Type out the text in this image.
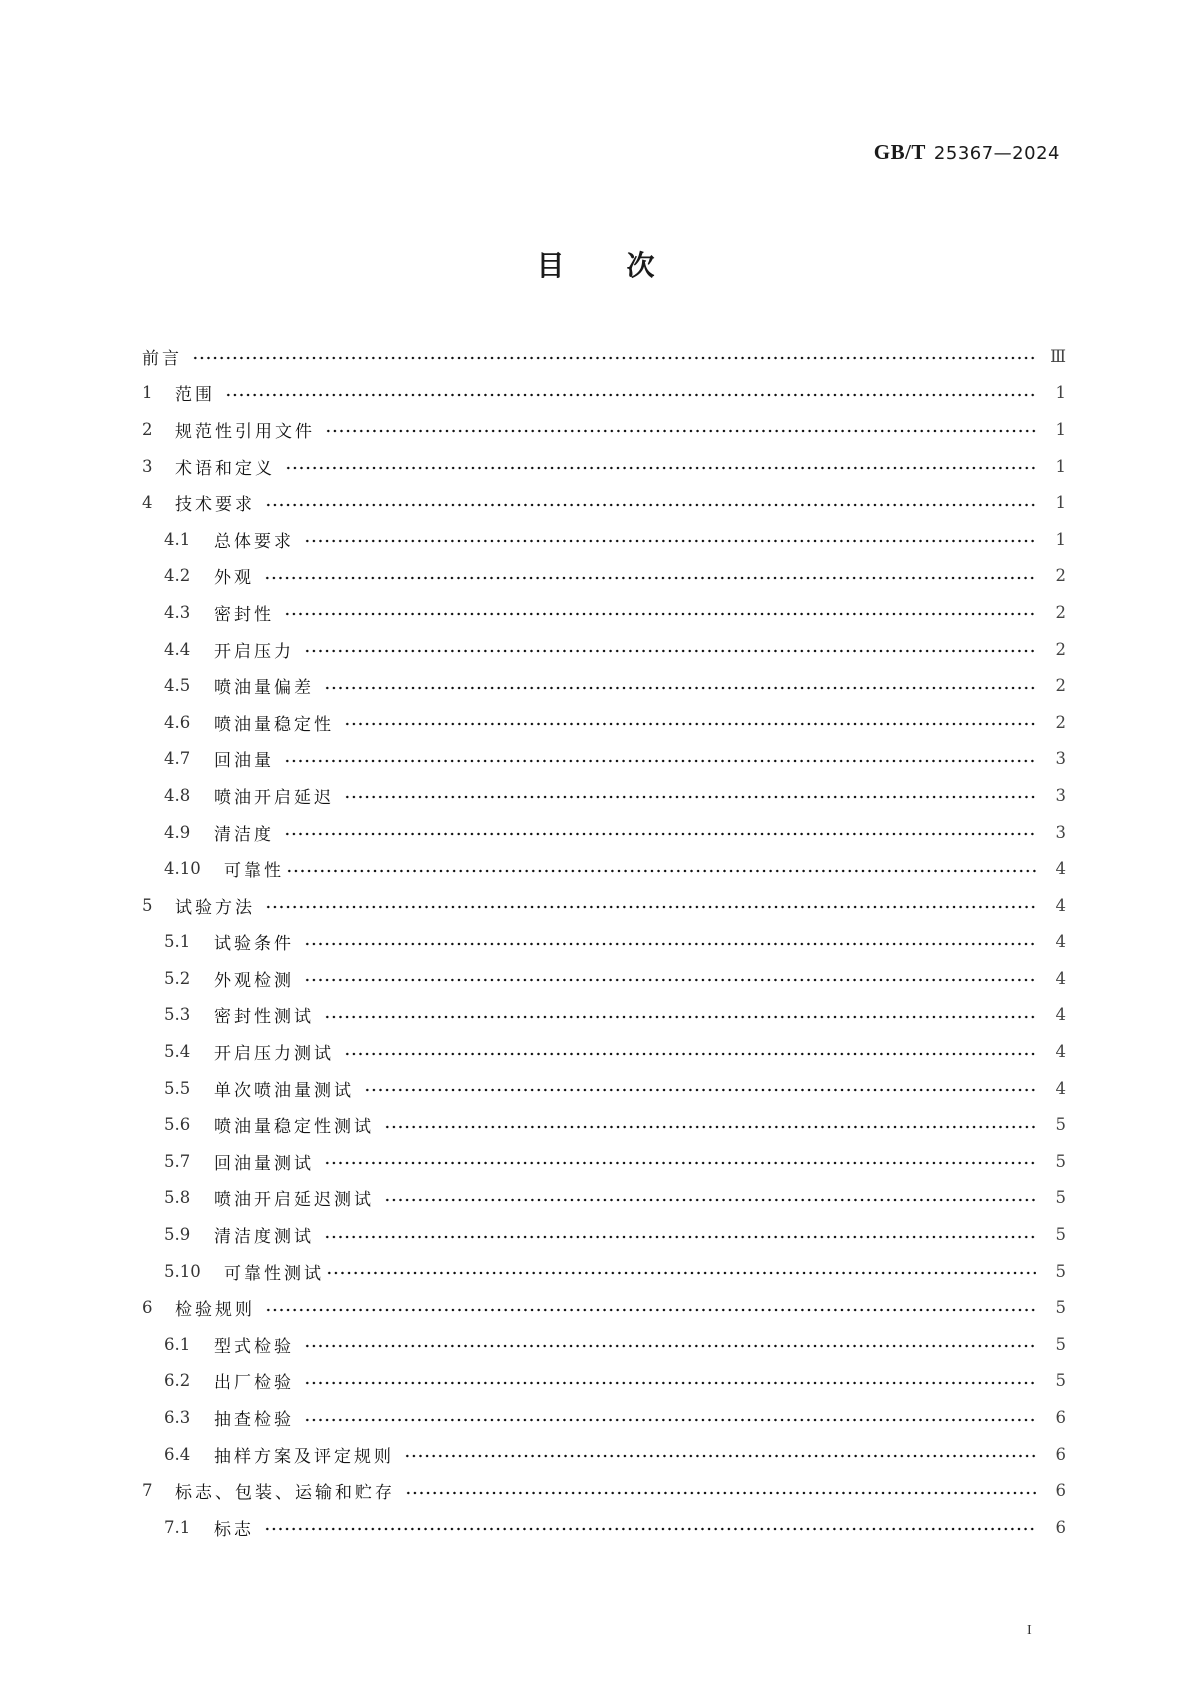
GB/T 25367—2024
目 次
前言	Ⅲ
1	范围	1
2	规范性引用文件	1
3	术语和定义	1
4	技术要求	1
4.1	总体要求	1
4.2	外观	2
4.3	密封性	2
4.4	开启压力	2
4.5	喷油量偏差	2
4.6	喷油量稳定性	2
4.7	回油量	3
4.8	喷油开启延迟	3
4.9	清洁度	3
4.10	可靠性	4
5	试验方法	4
5.1	试验条件	4
5.2	外观检测	4
5.3	密封性测试	4
5.4	开启压力测试	4
5.5	单次喷油量测试	4
5.6	喷油量稳定性测试	5
5.7	回油量测试	5
5.8	喷油开启延迟测试	5
5.9	清洁度测试	5
5.10	可靠性测试	5
6	检验规则	5
6.1	型式检验	5
6.2	出厂检验	5
6.3	抽查检验	6
6.4	抽样方案及评定规则	6
7	标志、包装、运输和贮存	6
7.1	标志	6
I
